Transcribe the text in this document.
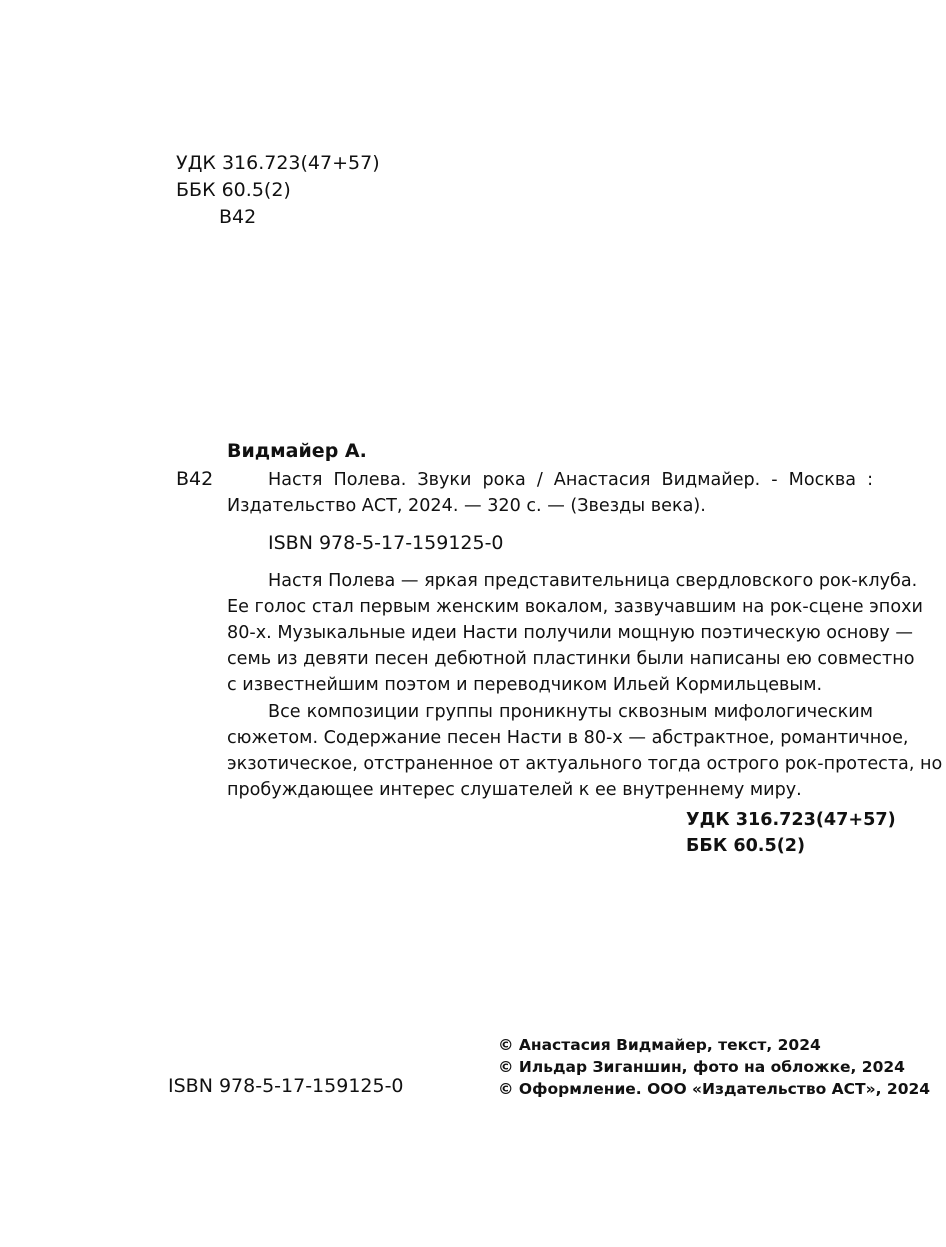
УДК 316.723(47+57)
ББК 60.5(2)
В42
Видмайер А.
В42	Настя Полева. Звуки рока / Анастасия Видмайер. - Москва :
Издательство АСТ, 2024. — 320 с. — (Звезды века).
ISBN 978-5-17-159125-0
Настя Полева — яркая представительница свердловского рок-клуба.
Ее голос стал первым женским вокалом, зазвучавшим на рок-сцене эпохи
80-х. Музыкальные идеи Насти получили мощную поэтическую основу —
семь из девяти песен дебютной пластинки были написаны ею совместно
с известнейшим поэтом и переводчиком Ильей Кормильцевым.
Все композиции группы проникнуты сквозным мифологическим
сюжетом. Содержание песен Насти в 80-х — абстрактное, романтичное,
экзотическое, отстраненное от актуального тогда острого рок-протеста, но
пробуждающее интерес слушателей к ее внутреннему миру.
УДК 316.723(47+57)
ББК 60.5(2)
ISBN 978-5-17-159125-0
© Анастасия Видмайер, текст, 2024
© Ильдар Зиганшин, фото на обложке, 2024
© Оформление. ООО «Издательство АСТ», 2024
